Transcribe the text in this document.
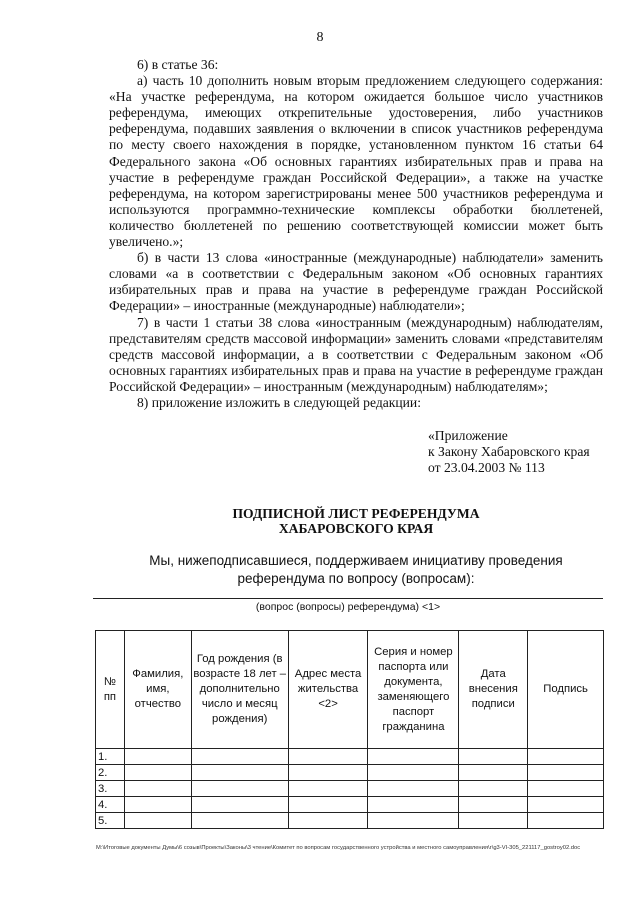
8

6) в статье 36:

а) часть 10 дополнить новым вторым предложением следующего содержания: «На участке референдума, на котором ожидается большое число участников референдума, имеющих открепительные удостоверения, либо участников референдума, подавших заявления о включении в список участников референдума по месту своего нахождения в порядке, установленном пунктом 16 статьи 64 Федерального закона «Об основных гарантиях избирательных прав и права на участие в референдуме граждан Российской Федерации», а также на участке референдума, на котором зарегистрированы менее 500 участников референдума и используются программно-технические комплексы обработки бюллетеней, количество бюллетеней по решению соответствующей комиссии может быть увеличено.»;

б) в части 13 слова «иностранные (международные) наблюдатели» заменить словами «а в соответствии с Федеральным законом «Об основных гарантиях избирательных прав и права на участие в референдуме граждан Российской Федерации» – иностранные (международные) наблюдатели»;

7) в части 1 статьи 38 слова «иностранным (международным) наблюдателям, представителям средств массовой информации» заменить словами «представителям средств массовой информации, а в соответствии с Федеральным законом «Об основных гарантиях избирательных прав и права на участие в референдуме граждан Российской Федерации» – иностранным (международным) наблюдателям»;

8) приложение изложить в следующей редакции:

«Приложение
к Закону Хабаровского края
от 23.04.2003 № 113
ПОДПИСНОЙ ЛИСТ РЕФЕРЕНДУМА
ХАБАРОВСКОГО КРАЯ
Мы, нижеподписавшиеся, поддерживаем инициативу проведения
референдума по вопросу (вопросам):
(вопрос (вопросы) референдума) <1>
№ пп	Фамилия, имя, отчество	Год рождения (в возрасте 18 лет – дополнительно число и месяц рождения)	Адрес места жительства <2>	Серия и номер паспорта или документа, заменяющего паспорт гражданина	Дата внесения подписи	Подпись
1.						
2.						
3.						
4.						
5.						
M:\Итоговые документы Думы\6 созыв\Проекты\Законы\3 чтение\Комитет по вопросам государственного устройства и местного самоуправления\г\g3-VI-305_221117_gostroy02.doc
